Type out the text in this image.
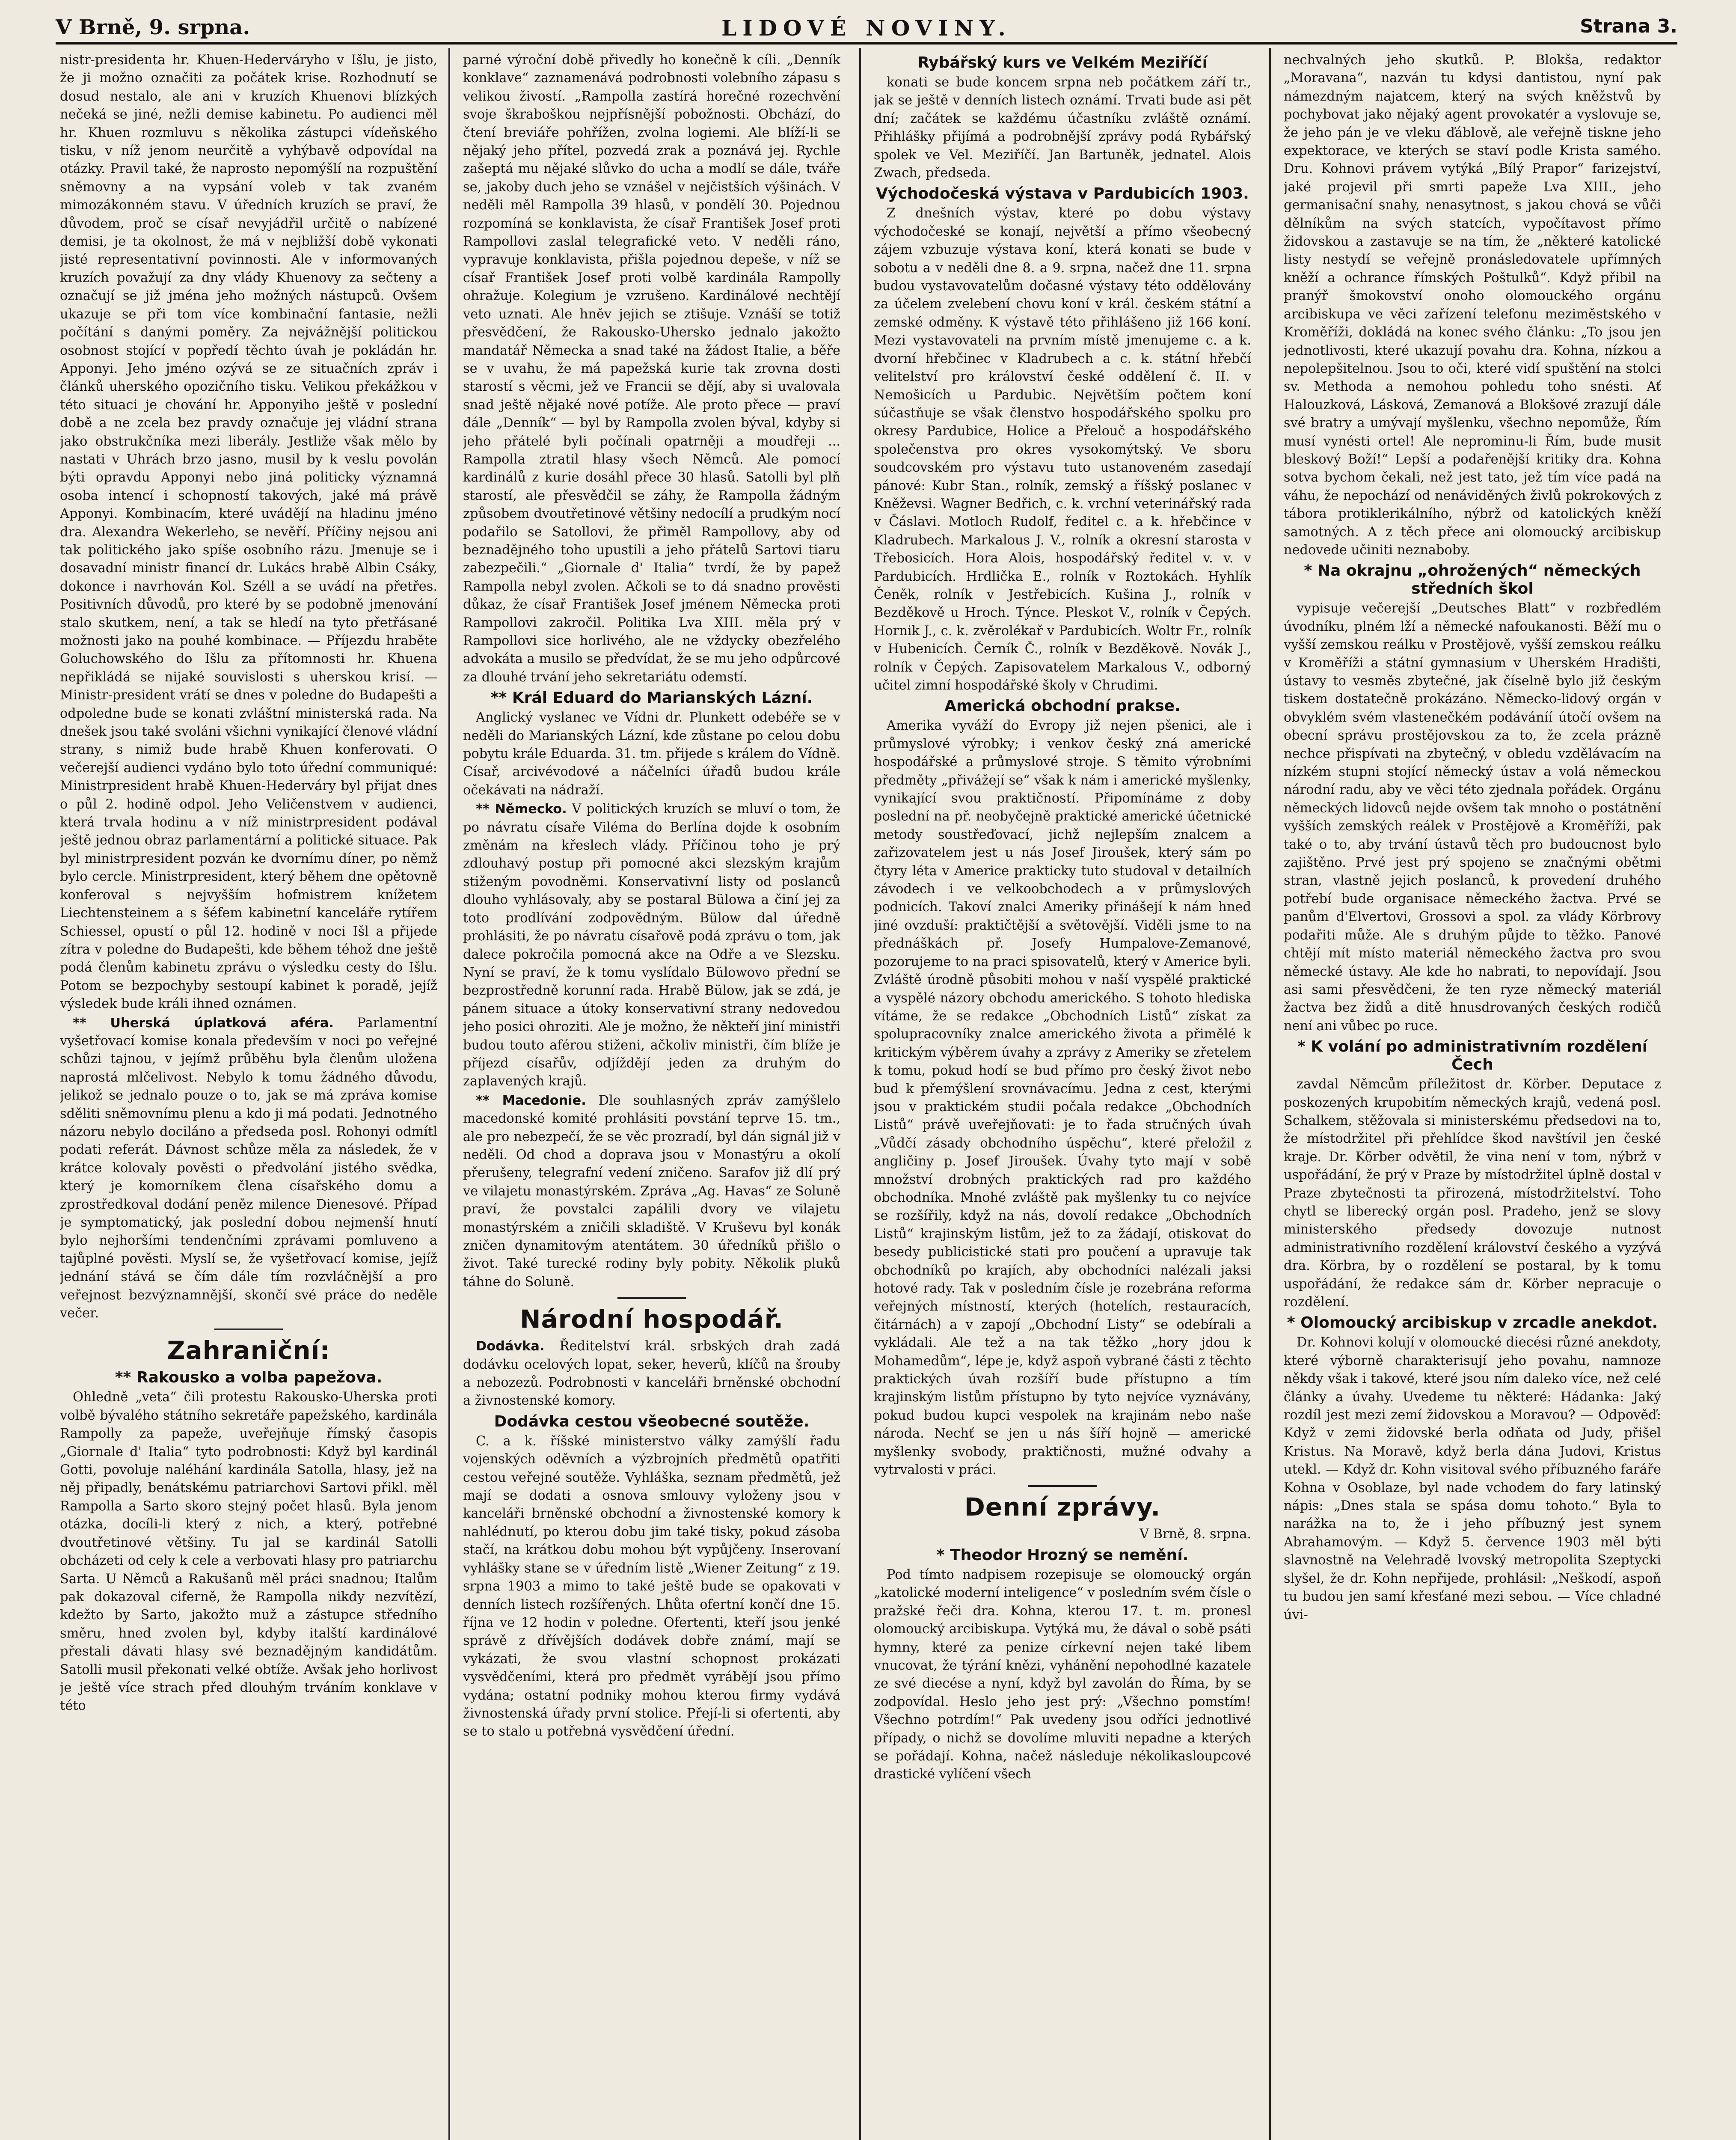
V Brně, 9. srpna.	LIDOVÉ NOVINY.	Strana 3.

nistr-presidenta hr. Khuen-Hederváryho v Išlu, je jisto, že ji možno označiti za počátek krise. Rozhodnutí se dosud nestalo, ale ani v kruzích Khuenovi blízkých nečeká se jiné, nežli demise kabinetu. Po audienci měl hr. Khuen rozmluvu s několika zástupci vídeňského tisku, v níž jenom neurčitě a vyhýbavě odpovídal na otázky. Pravil také, že naprosto nepomýšlí na rozpuštění sněmovny a na vypsání voleb v tak zvaném mimozákonném stavu. V úředních kruzích se praví, že důvodem, proč se císař nevyjádřil určitě o nabízené demisi, je ta okolnost, že má v nejbližší době vykonati jisté representativní povinnosti. Ale v informovaných kruzích považují za dny vlády Khuenovy za sečteny a označují se již jména jeho možných nástupců. Ovšem ukazuje se při tom více kombinační fantasie, nežli počítání s danými poměry. Za nejvážnější politickou osobnost stojící v popředí těchto úvah je pokládán hr. Apponyi. Jeho jméno ozývá se ze situačních zpráv i článků uherského opozičního tisku. Velikou překážkou v této situaci je chování hr. Apponyiho ještě v poslední době a ne zcela bez pravdy označuje jej vládní strana jako obstrukčníka mezi liberály. Jestliže však mělo by nastati v Uhrách brzo jasno, musil by k veslu povolán býti opravdu Apponyi nebo jiná politicky významná osoba intencí i schopností takových, jaké má právě Apponyi. Kombinacím, které uvádějí na hladinu jméno dra. Alexandra Wekerleho, se nevěří. Příčiny nejsou ani tak politického jako spíše osobního rázu. Jmenuje se i dosavadní ministr financí dr. Lukács hrabě Albin Csáky, dokonce i navrhován Kol. Széll a se uvádí na přetřes. Positivních důvodů, pro které by se podobně jmenování stalo skutkem, není, a tak se hledí na tyto přetřásané možnosti jako na pouhé kombinace. — Příjezdu hraběte Goluchowského do Išlu za přítomnosti hr. Khuena nepřikládá se nijaké souvislosti s uherskou krisí. — Ministr-president vrátí se dnes v poledne do Budapešti a odpoledne bude se konati zvláštní ministerská rada. Na dnešek jsou také svoláni všichni vynikající členové vládní strany, s nimiž bude hrabě Khuen konferovati. O večerejší audienci vydáno bylo toto úřední communiqué: Ministrpresident hrabě Khuen-Hederváry byl přijat dnes o půl 2. hodině odpol. Jeho Veličenstvem v audienci, která trvala hodinu a v níž ministrpresident podával ještě jednou obraz parlamentární a politické situace. Pak byl ministrpresident pozván ke dvornímu díner, po němž bylo cercle. Ministrpresident, který během dne opětovně konferoval s nejvyšším hofmistrem knížetem Liechtensteinem a s šéfem kabinetní kanceláře rytířem Schiessel, opustí o půl 12. hodině v noci Išl a přijede zítra v poledne do Budapešti, kde během téhož dne ještě podá členům kabinetu zprávu o výsledku cesty do Išlu. Potom se bezpochyby sestoupí kabinet k poradě, jejíž výsledek bude králi ihned oznámen.

** Uherská úplatková aféra. Parlamentní vyšetřovací komise konala především v noci po veřejné schůzi tajnou, v jejímž průběhu byla členům uložena naprostá mlčelivost. Nebylo k tomu žádného důvodu, jelikož se jednalo pouze o to, jak se má zpráva komise sděliti sněmovnímu plenu a kdo ji má podati. Jednotného názoru nebylo dociláno a předseda posl. Rohonyi odmítl podati referát. Dávnost schůze měla za následek, že v krátce kolovaly pověsti o předvolání jistého svědka, který je komorníkem člena císařského domu a zprostředkoval dodání peněz milence Dienesové. Případ je symptomatický, jak poslední dobou nejmenší hnutí bylo nejhoršími tendenčními zprávami pomluveno a tajůplné pověsti. Myslí se, že vyšetřovací komise, jejíž jednání stává se čím dále tím rozvláčnější a pro veřejnost bezvýznamnější, skončí své práce do neděle večer.

Zahraniční:
** Rakousko a volba papežova.

Ohledně „veta“ čili protestu Rakousko-Uherska proti volbě bývalého státního sekretáře papežského, kardinála Rampolly za papeže, uveřejňuje římský časopis „Giornale d' Italia“ tyto podrobnosti: Když byl kardinál Gotti, povoluje naléhání kardinála Satolla, hlasy, jež na něj připadly, benátskému patriarchovi Sartovi přikl. měl Rampolla a Sarto skoro stejný počet hlasů. Byla jenom otázka, docíli-li který z nich, a který, potřebné dvoutřetinové většiny. Tu jal se kardinál Satolli obcházeti od cely k cele a verbovati hlasy pro patriarchu Sarta. U Němců a Rakušanů měl práci snadnou; Italům pak dokazoval ciferně, že Rampolla nikdy nezvítězí, kdežto by Sarto, jakožto muž a zástupce středního směru, hned zvolen byl, kdyby italští kardinálové přestali dávati hlasy své beznadějným kandidátům. Satolli musil překonati velké obtíže. Avšak jeho horlivost je ještě více strach před dlouhým trváním konklave v této

parné výroční době přivedly ho konečně k cíli. „Denník konklave“ zaznamenává podrobnosti volebního zápasu s velikou živostí. „Rampolla zastírá horečné rozechvění svoje škraboškou nejpřísnější pobožnosti. Obchází, do čtení breviáře pohřížen, zvolna logiemi. Ale blíží-li se nějaký jeho přítel, pozvedá zrak a poznává jej. Rychle zašeptá mu nějaké slůvko do ucha a modlí se dále, tváře se, jakoby duch jeho se vznášel v nejčistších výšinách. V neděli měl Rampolla 39 hlasů, v pondělí 30. Pojednou rozpomíná se konklavista, že císař František Josef proti Rampollovi zaslal telegrafické veto. V neděli ráno, vypravuje konklavista, přišla pojednou depeše, v níž se císař František Josef proti volbě kardinála Rampolly ohražuje. Kolegium je vzrušeno. Kardinálové nechtějí veto uznati. Ale hněv jejich se ztišuje. Vznáší se totiž přesvědčení, že Rakousko-Uhersko jednalo jakožto mandatář Německa a snad také na žádost Italie, a běře se v uvahu, že má papežská kurie tak zrovna dosti starostí s věcmi, jež ve Francii se dějí, aby si uvalovala snad ještě nějaké nové potíže. Ale proto přece — praví dále „Denník“ — byl by Rampolla zvolen býval, kdyby si jeho přátelé byli počínali opatrněji a moudřeji ... Rampolla ztratil hlasy všech Němců. Ale pomocí kardinálů z kurie dosáhl přece 30 hlasů. Satolli byl plň starostí, ale přesvědčil se záhy, že Rampolla žádným způsobem dvoutřetinové většiny nedocílí a prudkým nocí podařilo se Satollovi, že přiměl Rampollovy, aby od beznadějného toho upustili a jeho přátelů Sartovi tiaru zabezpečili.“ „Giornale d' Italia“ tvrdí, že by papež Rampolla nebyl zvolen. Ačkoli se to dá snadno prověsti důkaz, že císař František Josef jménem Německa proti Rampollovi zakročil. Politika Lva XIII. měla prý v Rampollovi sice horlivého, ale ne vždycky obezřelého advokáta a musilo se předvídat, že se mu jeho odpůrcové za dlouhé trvání jeho sekretariátu odemstí.

** Král Eduard do Marianských Lázní.

Anglický vyslanec ve Vídni dr. Plunkett odebéře se v neděli do Marianských Lázní, kde zůstane po celou dobu pobytu krále Eduarda. 31. tm. přijede s králem do Vídně. Císař, arcivévodové a náčelníci úřadů budou krále očekávati na nádraží.

** Německo. V politických kruzích se mluví o tom, že po návratu císaře Viléma do Berlína dojde k osobním změnám na křeslech vlády. Příčinou toho je prý zdlouhavý postup při pomocné akci slezským krajům stiženým povodněmi. Konservativní listy od poslanců dlouho vyhlásovaly, aby se postaral Bülowa a činí jej za toto prodlívání zodpovědným. Bülow dal úředně prohlásiti, že po návratu císařově podá zprávu o tom, jak dalece pokročila pomocná akce na Odře a ve Slezsku. Nyní se praví, že k tomu vyslídalo Bülowovo přední se bezprostředně korunní rada. Hrabě Bülow, jak se zdá, je pánem situace a útoky konservativní strany nedovedou jeho posici ohroziti. Ale je možno, že někteří jiní ministři budou touto aférou stiženi, ačkoliv ministři, čím blíže je příjezd císařův, odjíždějí jeden za druhým do zaplavených krajů.

** Macedonie. Dle souhlasných zpráv zamýšlelo macedonské komité prohlásiti povstání teprve 15. tm., ale pro nebezpečí, že se věc prozradí, byl dán signál již v neděli. Od chod a doprava jsou v Monastýru a okolí přerušeny, telegrafní vedení zničeno. Sarafov již dlí prý ve vilajetu monastýrském. Zpráva „Ag. Havas“ ze Soluně praví, že povstalci zapálili dvory ve vilajetu monastýrském a zničili skladiště. V Kruševu byl konák zničen dynamitovým atentátem. 30 úředníků přišlo o život. Také turecké rodiny byly pobity. Několik pluků táhne do Soluně.

Národní hospodář.

Dodávka. Ředitelství král. srbských drah zadá dodávku ocelových lopat, seker, heverů, klíčů na šrouby a nebozezů. Podrobnosti v kanceláři brněnské obchodní a živnostenské komory.

Dodávka cestou všeobecné soutěže.

C. a k. říšské ministerstvo války zamýšlí řadu vojenských oděvních a výzbrojních předmětů opatřiti cestou veřejné soutěže. Vyhláška, seznam předmětů, jež mají se dodati a osnova smlouvy vyloženy jsou v kanceláři brněnské obchodní a živnostenské komory k nahlédnutí, po kterou dobu jim také tisky, pokud zásoba stačí, na krátkou dobu mohou být vypůjčeny. Inserovaní vyhlášky stane se v úředním listě „Wiener Zeitung“ z 19. srpna 1903 a mimo to také ještě bude se opakovati v denních listech rozšířených. Lhůta ofertní končí dne 15. října ve 12 hodin v poledne. Ofertenti, kteří jsou jenké správě z dřívějších dodávek dobře známí, mají se vykázati, že svou vlastní schopnost prokázati vysvědčeními, která pro předmět vyrábějí jsou přímo vydána; ostatní podniky mohou kterou firmy vydává živnostenská úřady první stolice. Přejí-li si ofertenti, aby se to stalo u potřebná vysvědčení úřední.

Rybářský kurs ve Velkém Meziříčí

konati se bude koncem srpna neb počátkem září tr., jak se ještě v denních listech oznámí. Trvati bude asi pět dní; začátek se každému účastníku zvláště oznámí. Přihlášky přijímá a podrobnější zprávy podá Rybářský spolek ve Vel. Meziříčí. Jan Bartuněk, jednatel. Alois Zwach, předseda.

Východočeská výstava v Pardubicích 1903.

Z dnešních výstav, které po dobu výstavy východočeské se konají, největší a přímo všeobecný zájem vzbuzuje výstava koní, která konati se bude v sobotu a v neděli dne 8. a 9. srpna, načež dne 11. srpna budou vystavovatelům dočasné výstavy této oddělovány za účelem zvelebení chovu koní v král. českém státní a zemské odměny. K výstavě této přihlášeno již 166 koní. Mezi vystavovateli na prvním místě jmenujeme c. a k. dvorní hřebčinec v Kladrubech a c. k. státní hřebčí velitelství pro království české oddělení č. II. v Nemošicích u Pardubic. Největším počtem koní súčastňuje se však členstvo hospodářského spolku pro okresy Pardubice, Holice a Přelouč a hospodářského společenstva pro okres vysokomýtský. Ve sboru soudcovském pro výstavu tuto ustanoveném zasedají pánové: Kubr Stan., rolník, zemský a říšský poslanec v Kněževsi. Wagner Bedřich, c. k. vrchní veterinářský rada v Čáslavi. Motloch Rudolf, ředitel c. a k. hřebčince v Kladrubech. Markalous J. V., rolník a okresní starosta v Třebosicích. Hora Alois, hospodářský ředitel v. v. v Pardubicích. Hrdlička E., rolník v Roztokách. Hyhlík Čeněk, rolník v Jestřebicích. Kušina J., rolník v Bezděkově u Hroch. Týnce. Pleskot V., rolník v Čepých. Hornik J., c. k. zvěrolékař v Pardubicích. Woltr Fr., rolník v Hubenicích. Černík Č., rolník v Bezděkově. Novák J., rolník v Čepých. Zapisovatelem Markalous V., odborný učitel zimní hospodářské školy v Chrudimi.

Americká obchodní prakse.

Amerika vyváží do Evropy již nejen pšenici, ale i průmyslové výrobky; i venkov český zná americké hospodářské a průmyslové stroje. S těmito výrobními předměty „přivážejí se“ však k nám i americké myšlenky, vynikající svou praktičností. Připomínáme z doby poslední na př. neobyčejně praktické americké účetnické metody soustřeďovací, jichž nejlepším znalcem a zařizovatelem jest u nás Josef Jiroušek, který sám po čtyry léta v Americe prakticky tuto studoval v detailních závodech i ve velkoobchodech a v průmyslových podnicích. Takoví znalci Ameriky přinášejí k nám hned jiné ovzduší: praktičtější a světovější. Viděli jsme to na přednáškách př. Josefy Humpalove-Zemanové, pozorujeme to na praci spisovatelů, který v Americe byli. Zvláště úrodně působiti mohou v naší vyspělé praktické a vyspělé názory obchodu amerického. S tohoto hlediska vítáme, že se redakce „Obchodních Listů“ získat za spolupracovníky znalce amerického života a přimělé k kritickým výběrem úvahy a zprávy z Ameriky se zřetelem k tomu, pokud hodí se bud přímo pro český život nebo bud k přemýšlení srovnávacímu. Jedna z cest, kterými jsou v praktickém studii počala redakce „Obchodních Listů“ právě uveřejňovati: je to řada stručných úvah „Vůdčí zásady obchodního úspěchu“, které přeložil z angličiny p. Josef Jiroušek. Úvahy tyto mají v sobě množství drobných praktických rad pro každého obchodníka. Mnohé zvláště pak myšlenky tu co nejvíce se rozšířily, když na nás, dovolí redakce „Obchodních Listů“ krajinským listům, jež to za žádají, otiskovat do besedy publicistické stati pro poučení a upravuje tak obchodníků po krajích, aby obchodníci nalézali jaksi hotové rady. Tak v posledním čísle je rozebrána reforma veřejných místností, kterých (hotelích, restauracích, čitárnách) a v zapojí „Obchodní Listy“ se odebírali a vykládali. Ale tež a na tak těžko „hory jdou k Mohamedům“, lépe je, když aspoň vybrané části z těchto praktických úvah rozšíří bude přístupno a tím krajinským listům přístupno by tyto nejvíce vyznávány, pokud budou kupci vespolek na krajinám nebo naše národa. Nechť se jen u nás šíří hojně — americké myšlenky svobody, praktičnosti, mužné odvahy a vytrvalosti v práci.

Denní zprávy.

V Brně, 8. srpna.

* Theodor Hrozný se nemění.

Pod tímto nadpisem rozepisuje se olomoucký orgán „katolické moderní inteligence“ v posledním svém čísle o pražské řeči dra. Kohna, kterou 17. t. m. pronesl olomoucký arcibiskupa. Vytýká mu, že dával o sobě psáti hymny, které za penize církevní nejen také libem vnucovat, že týrání knězi, vyhánění nepohodlné kazatele ze své diecése a nyní, když byl zavolán do Říma, by se zodpovídal. Heslo jeho jest prý: „Všechno pomstím! Všechno potrdím!“ Pak uvedeny jsou odříci jednotlivé případy, o nichž se dovolíme mluviti nepadne a kterých se pořádají. Kohna, načež následuje nékolikasloupcové drastické vylíčení všech

nechvalných jeho skutků. P. Blokša, redaktor „Moravana“, nazván tu kdysi dantistou, nyní pak námezdným najatcem, který na svých kněžstvů by pochybovat jako nějaký agent provokatér a vyslovuje se, že jeho pán je ve vleku ďáblově, ale veřejně tiskne jeho expektorace, ve kterých se staví podle Krista samého. Dru. Kohnovi právem vytýká „Bílý Prapor“ farizejství, jaké projevil při smrti papeže Lva XIII., jeho germanisační snahy, nenasytnost, s jakou chová se vůči dělníkům na svých statcích, vypočítavost přímo židovskou a zastavuje se na tím, že „některé katolické listy nestydí se veřejně pronásledovatele upřímných kněží a ochrance římských Poštulků“. Když přibil na pranýř šmokovství onoho olomouckého orgánu arcibiskupa ve věci zařízení telefonu meziměstského v Kroměříži, dokládá na konec svého článku: „To jsou jen jednotlivosti, které ukazují povahu dra. Kohna, nízkou a nepolepšitelnou. Jsou to oči, které vidí spuštění na stolci sv. Methoda a nemohou pohledu toho snésti. Ať Halouzková, Lásková, Zemanová a Blokšové zrazují dále své bratry a umývají myšlenku, všechno nepomůže, Řím musí vynésti ortel! Ale neprominu-li Řím, bude musit bleskový Boží!“ Lepší a podařenější kritiky dra. Kohna sotva bychom čekali, než jest tato, jež tím více padá na váhu, že nepochází od nenáviděných živlů pokrokových z tábora protiklerikálního, nýbrž od katolických kněží samotných. A z těch přece ani olomoucký arcibiskup nedovede učiniti neznaboby.

* Na okrajnu „ohrožených“ německých středních škol

vypisuje večerejší „Deutsches Blatt“ v rozbředlém úvodníku, plném lží a německé nafoukanosti. Běží mu o vyšší zemskou reálku v Prostějově, vyšší zemskou reálku v Kroměříži a státní gymnasium v Uherském Hradišti, ústavy to vesměs zbytečné, jak číselně bylo již českým tiskem dostatečně prokázáno. Německo-lidový orgán v obvyklém svém vlastenečkém podáváníí útočí ovšem na obecní správu prostějovskou za to, že zcela prázně nechce přispívati na zbytečný, v obledu vzdělávacím na nízkém stupni stojící německý ústav a volá německou národní radu, aby ve věci této zjednala pořádek. Orgánu německých lidovců nejde ovšem tak mnoho o postátnění vyšších zemských reálek v Prostějově a Kroměříži, pak také o to, aby trvání ústavů těch pro budoucnost bylo zajištěno. Prvé jest prý spojeno se značnými obětmi stran, vlastně jejich poslanců, k provedení druhého potřebí bude organisace německého žactva. Prvé se panům d'Elvertovi, Grossovi a spol. za vlády Körbrovy podařiti může. Ale s druhým půjde to těžko. Panové chtějí mít místo materiál německého žactva pro svou německé ústavy. Ale kde ho nabrati, to nepovídají. Jsou asi sami přesvědčeni, že ten ryze německý materiál žactva bez židů a ditě hnusdrovaných českých rodičů není ani vůbec po ruce.

* K volání po administrativním rozdělení Čech

zavdal Němcům příležitost dr. Körber. Deputace z poskozených krupobitím německých krajů, vedená posl. Schalkem, stěžovala si ministerskému předsedovi na to, že místodržitel při přehlídce škod navštívil jen české kraje. Dr. Körber odvětil, že vina není v tom, nýbrž v uspořádání, že prý v Praze by místodržitel úplně dostal v Praze zbytečnosti ta přirozená, místodržitelství. Toho chytl se liberecký orgán posl. Pradeho, jenž se slovy ministerského předsedy dovozuje nutnost administrativního rozdělení království českého a vyzývá dra. Körbra, by o rozdělení se postaral, by k tomu uspořádání, že redakce sám dr. Körber nepracuje o rozdělení.

* Olomoucký arcibiskup v zrcadle anekdot.

Dr. Kohnovi kolují v olomoucké diecési různé anekdoty, které výborně charakterisují jeho povahu, namnoze někdy však i takové, které jsou ním daleko více, než celé články a úvahy. Uvedeme tu některé: Hádanka: Jaký rozdíl jest mezi zemí židovskou a Moravou? — Odpověď: Když v zemi židovské berla odňata od Judy, přišel Kristus. Na Moravě, když berla dána Judovi, Kristus utekl. — Když dr. Kohn visitoval svého příbuzného faráře Kohna v Osoblaze, byl nade vchodem do fary latinský nápis: „Dnes stala se spása domu tohoto.“ Byla to narážka na to, že i jeho příbuzný jest synem Abrahamovým. — Když 5. července 1903 měl býti slavnostně na Velehradě lvovský metropolita Szeptycki slyšel, že dr. Kohn nepřijede, prohlásil: „Neškodí, aspoň tu budou jen samí křesťané mezi sebou. — Více chladné úvi-
